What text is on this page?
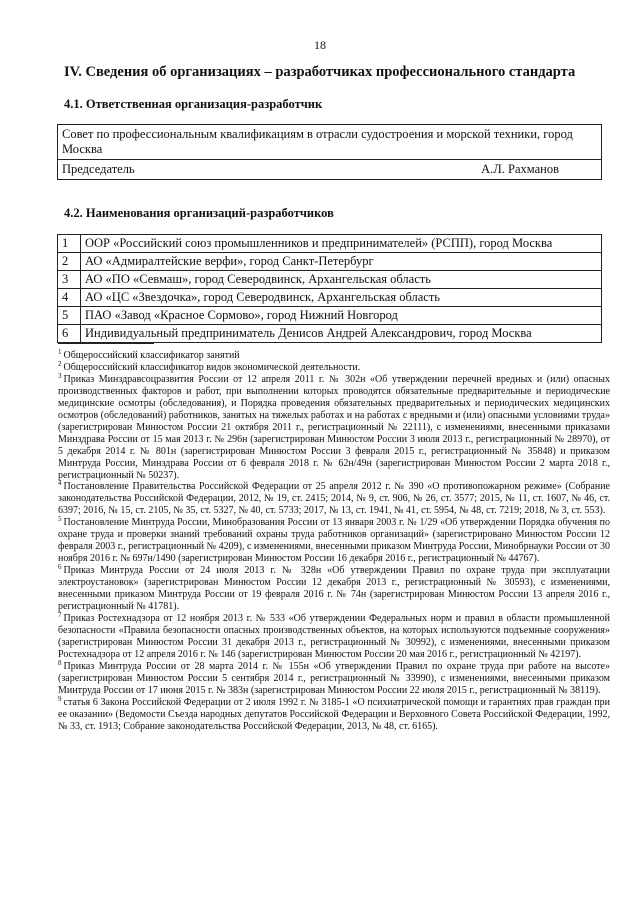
18
IV. Сведения об организациях – разработчиках профессионального стандарта
4.1. Ответственная организация-разработчик
Совет по профессиональным квалификациям в отрасли судостроения и морской техники, город Москва

Председатель	А.Л. Рахманов
4.2. Наименования организаций-разработчиков
1	ООР «Российский союз промышленников и предпринимателей» (РСПП), город Москва
2	АО «Адмиралтейские верфи», город Санкт-Петербург
3	АО «ПО «Севмаш», город Северодвинск, Архангельская область
4	АО «ЦС «Звездочка», город Северодвинск, Архангельская область
5	ПАО «Завод «Красное Сормово», город Нижний Новгород
6	Индивидуальный предприниматель Денисов Андрей Александрович, город Москва

$^1$ Общероссийский классификатор занятий

$^2$ Общероссийский классификатор видов экономической деятельности.

$^3$ Приказ Минздравсоцразвития России от 12 апреля 2011 г. № 302н «Об утверждении перечней вредных и (или) опасных производственных факторов и работ, при выполнении которых проводятся обязательные предварительные и периодические медицинские осмотры (обследования), и Порядка проведения обязательных предварительных и периодических медицинских осмотров (обследований) работников, занятых на тяжелых работах и на работах с вредными и (или) опасными условиями труда» (зарегистрирован Минюстом России 21 октября 2011 г., регистрационный № 22111), с изменениями, внесенными приказами Минздрава России от 15 мая 2013 г. № 296н (зарегистрирован Минюстом России 3 июля 2013 г., регистрационный № 28970), от 5 декабря 2014 г. № 801н (зарегистрирован Минюстом России 3 февраля 2015 г., регистрационный № 35848) и приказом Минтруда России, Минздрава России от 6 февраля 2018 г. № 62н/49н (зарегистрирован Минюстом России 2 марта 2018 г., регистрационный № 50237).

$^4$ Постановление Правительства Российской Федерации от 25 апреля 2012 г. № 390 «О противопожарном режиме» (Собрание законодательства Российской Федерации, 2012, № 19, ст. 2415; 2014, № 9, ст. 906, № 26, ст. 3577; 2015, № 11, ст. 1607, № 46, ст. 6397; 2016, № 15, ст. 2105, № 35, ст. 5327, № 40, ст. 5733; 2017, № 13, ст. 1941, № 41, ст. 5954, № 48, ст. 7219; 2018, № 3, ст. 553).

$^5$ Постановление Минтруда России, Минобразования России от 13 января 2003 г. № 1/29 «Об утверждении Порядка обучения по охране труда и проверки знаний требований охраны труда работников организаций» (зарегистрировано Минюстом России 12 февраля 2003 г., регистрационный № 4209), с изменениями, внесенными приказом Минтруда России, Минобрнауки России от 30 ноября 2016 г. № 697н/1490 (зарегистрирован Минюстом России 16 декабря 2016 г., регистрационный № 44767).

$^6$ Приказ Минтруда России от 24 июля 2013 г. № 328н «Об утверждении Правил по охране труда при эксплуатации электроустановок» (зарегистрирован Минюстом России 12 декабря 2013 г., регистрационный № 30593), с изменениями, внесенными приказом Минтруда России от 19 февраля 2016 г. № 74н (зарегистрирован Минюстом России 13 апреля 2016 г., регистрационный № 41781).

$^7$ Приказ Ростехнадзора от 12 ноября 2013 г. № 533 «Об утверждении Федеральных норм и правил в области промышленной безопасности «Правила безопасности опасных производственных объектов, на которых используются подъемные сооружения» (зарегистрирован Минюстом России 31 декабря 2013 г., регистрационный № 30992), с изменениями, внесенными приказом Ростехнадзора от 12 апреля 2016 г. № 146 (зарегистрирован Минюстом России 20 мая 2016 г., регистрационный № 42197).

$^8$ Приказ Минтруда России от 28 марта 2014 г. № 155н «Об утверждении Правил по охране труда при работе на высоте» (зарегистрирован Минюстом России 5 сентября 2014 г., регистрационный № 33990), с изменениями, внесенными приказом Минтруда России от 17 июня 2015 г. № 383н (зарегистрирован Минюстом России 22 июля 2015 г., регистрационный № 38119).

$^9$ статья 6 Закона Российской Федерации от 2 июля 1992 г. № 3185-1 «О психиатрической помощи и гарантиях прав граждан при ее оказании» (Ведомости Съезда народных депутатов Российской Федерации и Верховного Совета Российской Федерации, 1992, № 33, ст. 1913; Собрание законодательства Российской Федерации, 2013, № 48, ст. 6165).
